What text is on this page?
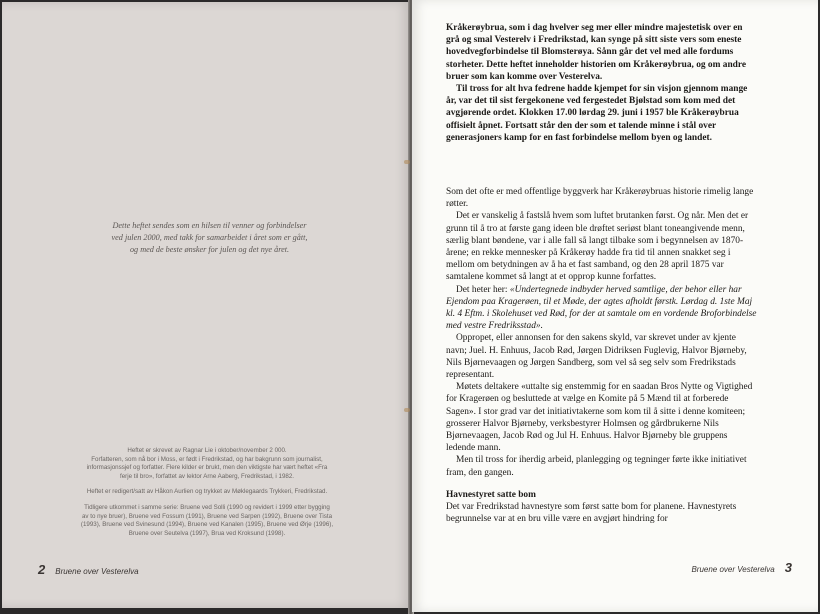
Dette heftet sendes som en hilsen til venner og forbindelser
ved julen 2000, med takk for samarbeidet i året som er gått,
og med de beste ønsker for julen og det nye året.

Heftet er skrevet av Ragnar Lie i oktober/november 2 000.
Forfatteren, som nå bor i Moss, er født i Fredrikstad, og har bakgrunn som journalist,
informasjonssjef og forfatter. Flere kilder er brukt, men den viktigste har vært heftet «Fra
ferje til bro», forfattet av lektor Arne Aaberg, Fredrikstad, i 1982.

Heftet er redigert/satt av Håkon Aurlien og trykket av Møklegaards Trykkeri, Fredrikstad.

Tidligere utkommet i samme serie: Bruene ved Solli (1990 og revidert i 1999 etter bygging
av to nye bruer), Bruene ved Fossum (1991), Bruene ved Sarpen (1992), Bruene over Tista
(1993), Bruene ved Svinesund (1994), Bruene ved Kanalen (1995), Bruene ved Ørje (1996),
Bruene over Seutelva (1997), Brua ved Kroksund (1998).

2 Bruene over Vesterelva

Kråkerøybrua, som i dag hvelver seg mer eller mindre majestetisk over en grå og smal Vesterelv i Fredrikstad, kan synge på sitt siste vers som eneste hovedvegforbindelse til Blomsterøya. Sånn går det vel med alle fordums storheter. Dette heftet inneholder historien om Kråkerøybrua, og om andre bruer som kan komme over Vesterelva.

Til tross for alt hva fedrene hadde kjempet for sin visjon gjennom mange år, var det til sist fergekonene ved fergestedet Bjølstad som kom med det avgjørende ordet. Klokken 17.00 lørdag 29. juni i 1957 ble Kråkerøybrua offisielt åpnet. Fortsatt står den der som et talende minne i stål over generasjoners kamp for en fast forbindelse mellom byen og landet.

Som det ofte er med offentlige byggverk har Kråkerøybruas historie rimelig lange røtter.

Det er vanskelig å fastslå hvem som luftet brutanken først. Og når. Men det er grunn til å tro at første gang ideen ble drøftet seriøst blant toneangivende menn, særlig blant bøndene, var i alle fall så langt tilbake som i begynnelsen av 1870-årene; en rekke mennesker på Kråkerøy hadde fra tid til annen snakket seg i mellom om betydningen av å ha et fast samband, og den 28 april 1875 var samtalene kommet så langt at et opprop kunne forfattes.

Det heter her: «Undertegnede indbyder herved samtlige, der behor eller har Ejendom paa Kragerøen, til et Møde, der agtes afholdt førstk. Lørdag d. 1ste Maj kl. 4 Eftm. i Skolehuset ved Rød, for der at samtale om en vordende Broforbindelse med vestre Fredriksstad».

Oppropet, eller annonsen for den sakens skyld, var skrevet under av kjente navn; Juel. H. Enhuus, Jacob Rød, Jørgen Didriksen Fuglevig, Halvor Bjørneby, Nils Bjørnevaagen og Jørgen Sandberg, som vel så seg selv som Fredrikstads representant.

Møtets deltakere «uttalte sig enstemmig for en saadan Bros Nytte og Vigtighed for Kragerøen og besluttede at vælge en Komite på 5 Mænd til at forberede Sagen». I stor grad var det initiativtakerne som kom til å sitte i denne komiteen; grosserer Halvor Bjørneby, verksbestyrer Holmsen og gårdbrukerne Nils Bjørnevaagen, Jacob Rød og Jul H. Enhuus. Halvor Bjørneby ble gruppens ledende mann.

Men til tross for iherdig arbeid, planlegging og tegninger førte ikke initiativet fram, den gangen.

Havnestyret satte bom

Det var Fredrikstad havnestyre som først satte bom for planene. Havnestyrets begrunnelse var at en bru ville være en avgjørt hindring for

Bruene over Vesterelva 3
